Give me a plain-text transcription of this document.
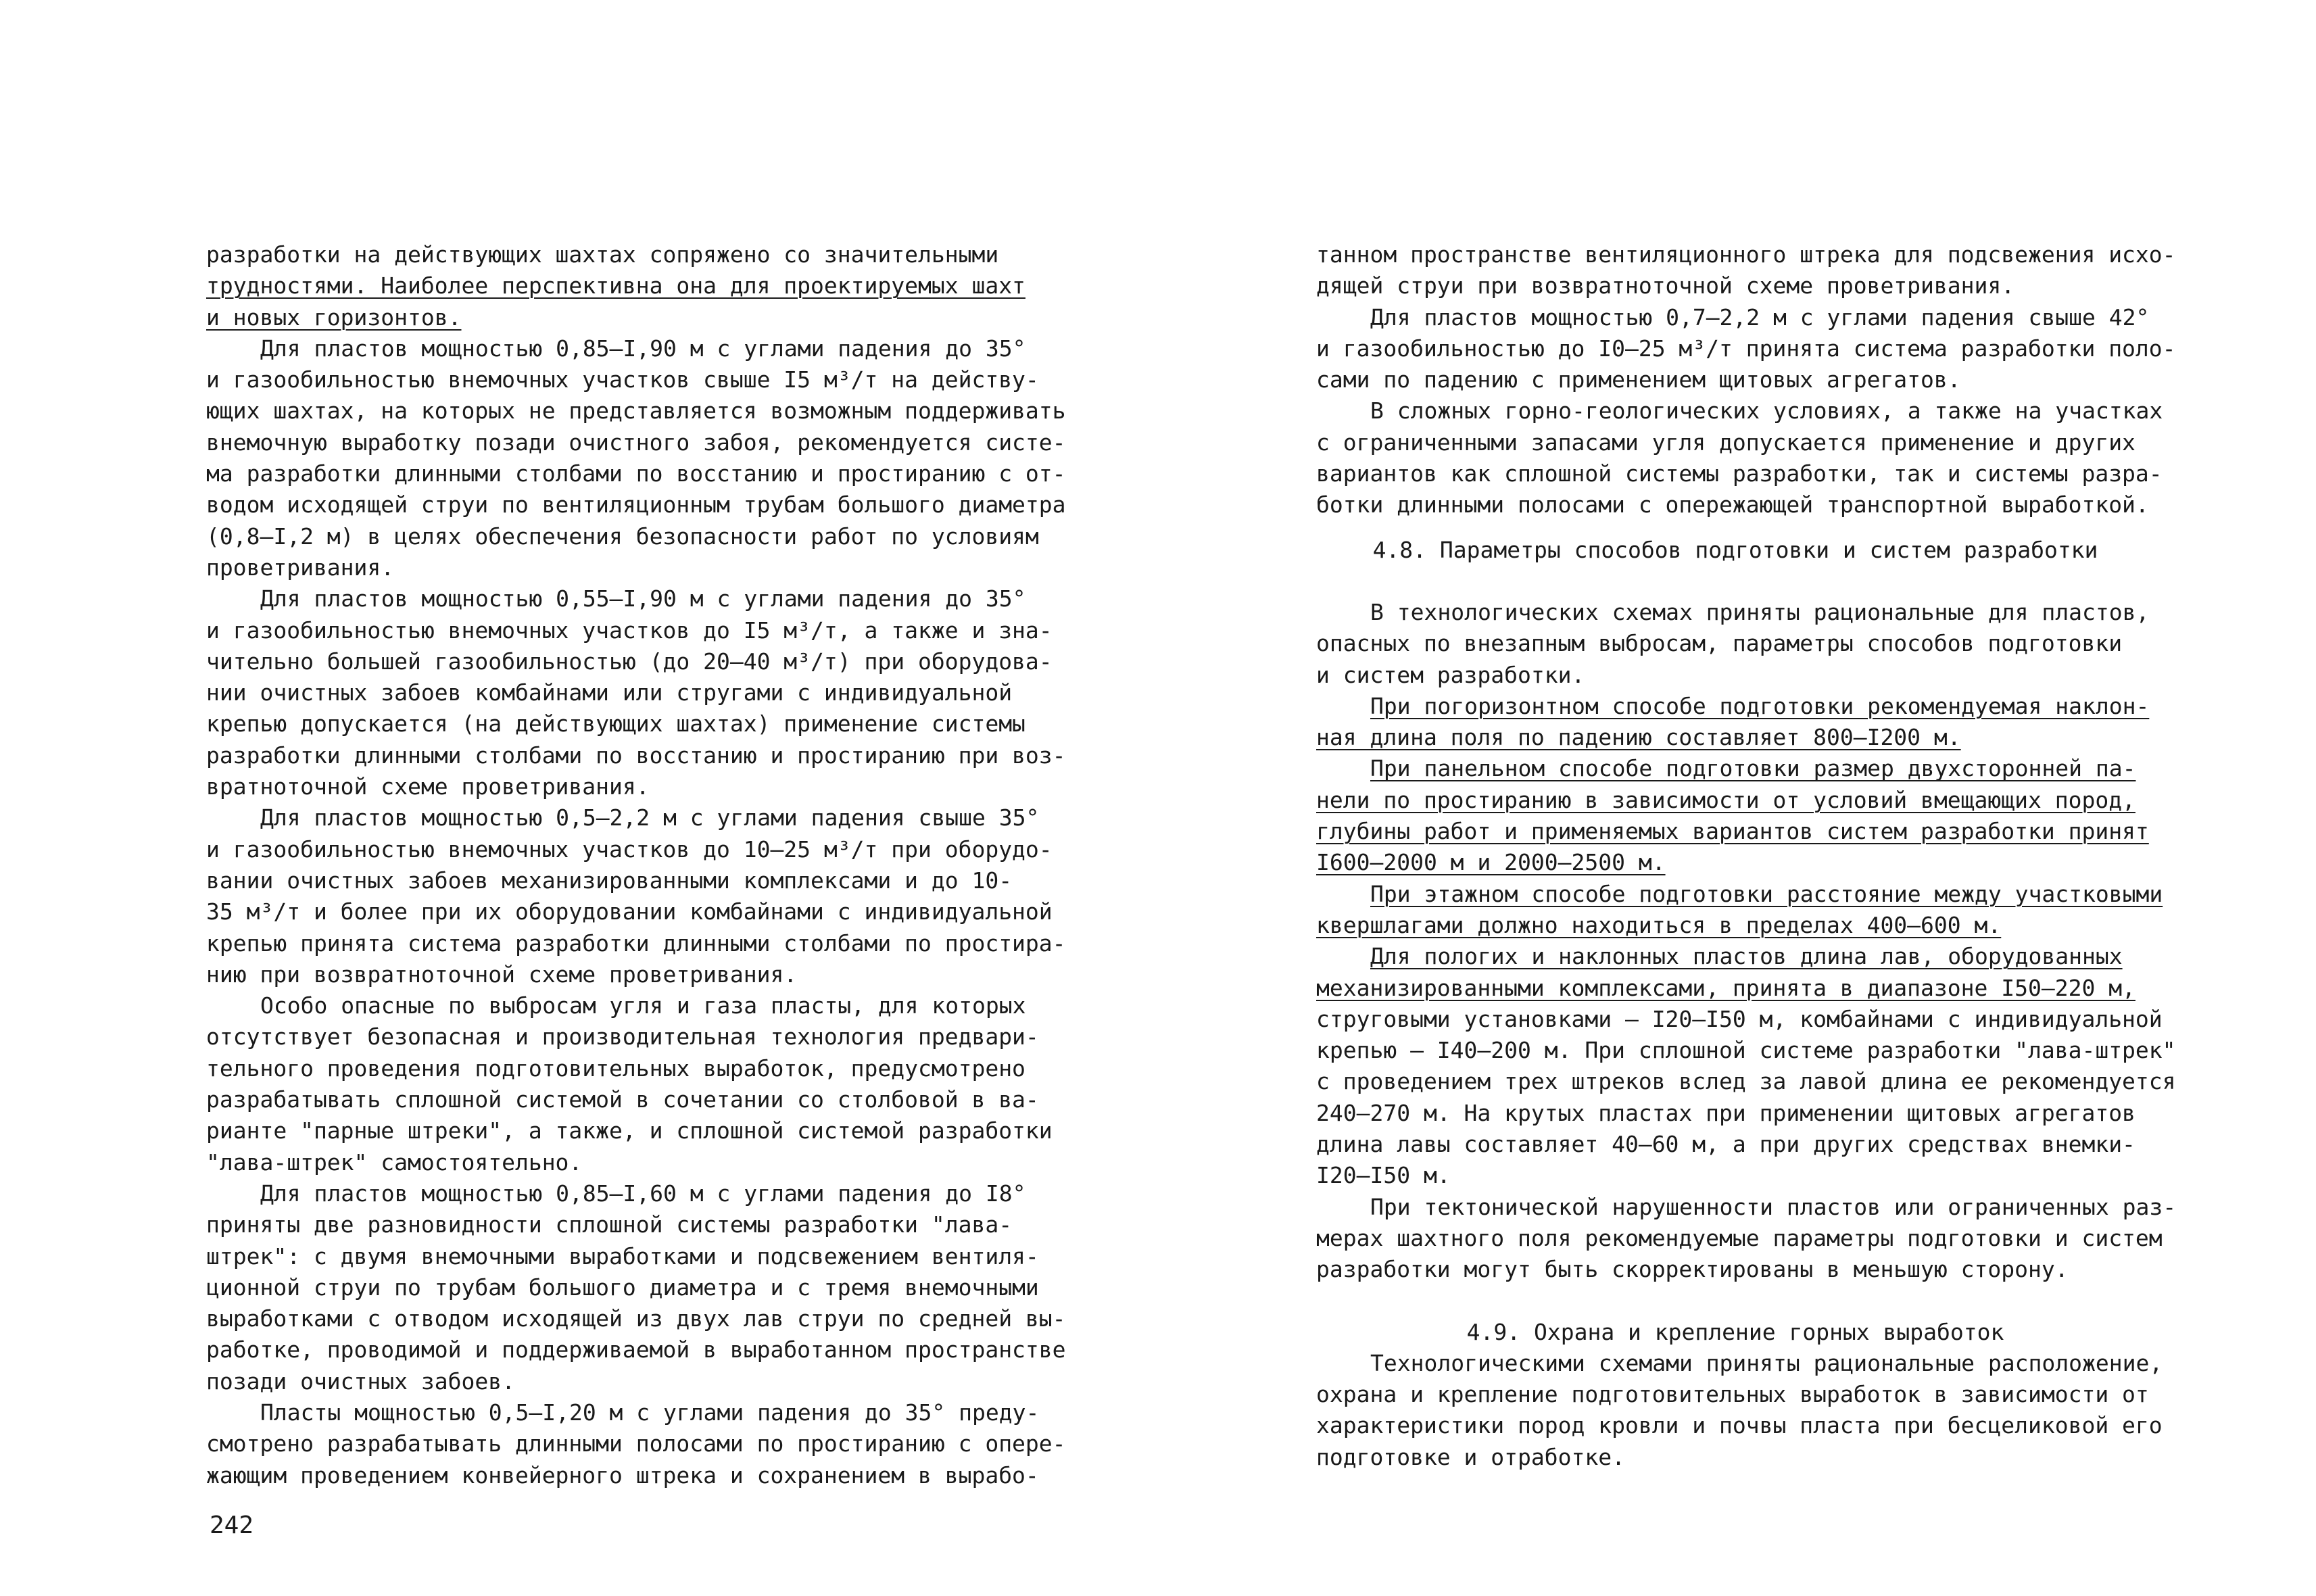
разработки на действующих шахтах сопряжено со значительными
трудностями. Наиболее перспективна она для проектируемых шахт
и новых горизонтов.
Для пластов мощностью 0,85–I,90 м с углами падения до 35°
и газообильностью внемочных участков свыше I5 м³/т на действу-
ющих шахтах, на которых не представляется возможным поддерживать
внемочную выработку позади очистного забоя, рекомендуется систе-
ма разработки длинными столбами по восстанию и простиранию с от-
водом исходящей струи по вентиляционным трубам большого диаметра
(0,8–I,2 м) в целях обеспечения безопасности работ по условиям
проветривания.
Для пластов мощностью 0,55–I,90 м с углами падения до 35°
и газообильностью внемочных участков до I5 м³/т, а также и зна-
чительно большей газообильностью (до 20–40 м³/т) при оборудова-
нии очистных забоев комбайнами или стругами с индивидуальной
крепью допускается (на действующих шахтах) применение системы
разработки длинными столбами по восстанию и простиранию при воз-
вратноточной схеме проветривания.
Для пластов мощностью 0,5–2,2 м с углами падения свыше 35°
и газообильностью внемочных участков до 10–25 м³/т при оборудо-
вании очистных забоев механизированными комплексами и до 10-
35 м³/т и более при их оборудовании комбайнами с индивидуальной
крепью принята система разработки длинными столбами по простира-
нию при возвратноточной схеме проветривания.
Особо опасные по выбросам угля и газа пласты, для которых
отсутствует безопасная и производительная технология предвари-
тельного проведения подготовительных выработок, предусмотрено
разрабатывать сплошной системой в сочетании со столбовой в ва-
рианте "парные штреки", а также, и сплошной системой разработки
"лава-штрек" самостоятельно.
Для пластов мощностью 0,85–I,60 м с углами падения до I8°
приняты две разновидности сплошной системы разработки "лава-
штрек": с двумя внемочными выработками и подсвежением вентиля-
ционной струи по трубам большого диаметра и с тремя внемочными
выработками с отводом исходящей из двух лав струи по средней вы-
работке, проводимой и поддерживаемой в выработанном пространстве
позади очистных забоев.
Пласты мощностью 0,5–I,20 м с углами падения до 35° преду-
смотрено разрабатывать длинными полосами по простиранию с опере-
жающим проведением конвейерного штрека и сохранением в вырабо-
242
танном пространстве вентиляционного штрека для подсвежения исхо-
дящей струи при возвратноточной схеме проветривания.
Для пластов мощностью 0,7–2,2 м с углами падения свыше 42°
и газообильностью до I0–25 м³/т принята система разработки поло-
сами по падению с применением щитовых агрегатов.
В сложных горно-геологических условиях, а также на участках
с ограниченными запасами угля допускается применение и других
вариантов как сплошной системы разработки, так и системы разра-
ботки длинными полосами с опережающей транспортной выработкой.
4.8. Параметры способов подготовки и систем разработки
В технологических схемах приняты рациональные для пластов,
опасных по внезапным выбросам, параметры способов подготовки
и систем разработки.
При погоризонтном способе подготовки рекомендуемая наклон-
ная длина поля по падению составляет 800–I200 м.
При панельном способе подготовки размер двухсторонней па-
нели по простиранию в зависимости от условий вмещающих пород,
глубины работ и применяемых вариантов систем разработки принят
I600–2000 м и 2000–2500 м.
При этажном способе подготовки расстояние между участковыми
квершлагами должно находиться в пределах 400–600 м.
Для пологих и наклонных пластов длина лав, оборудованных
механизированными комплексами, принята в диапазоне I50–220 м,
струговыми установками – I20–I50 м, комбайнами с индивидуальной
крепью – I40–200 м. При сплошной системе разработки "лава-штрек"
с проведением трех штреков вслед за лавой длина ее рекомендуется
240–270 м. На крутых пластах при применении щитовых агрегатов
длина лавы составляет 40–60 м, а при других средствах внемки-
I20–I50 м.
При тектонической нарушенности пластов или ограниченных раз-
мерах шахтного поля рекомендуемые параметры подготовки и систем
разработки могут быть скорректированы в меньшую сторону.
4.9. Охрана и крепление горных выработок
Технологическими схемами приняты рациональные расположение,
охрана и крепление подготовительных выработок в зависимости от
характеристики пород кровли и почвы пласта при бесцеликовой его
подготовке и отработке.
